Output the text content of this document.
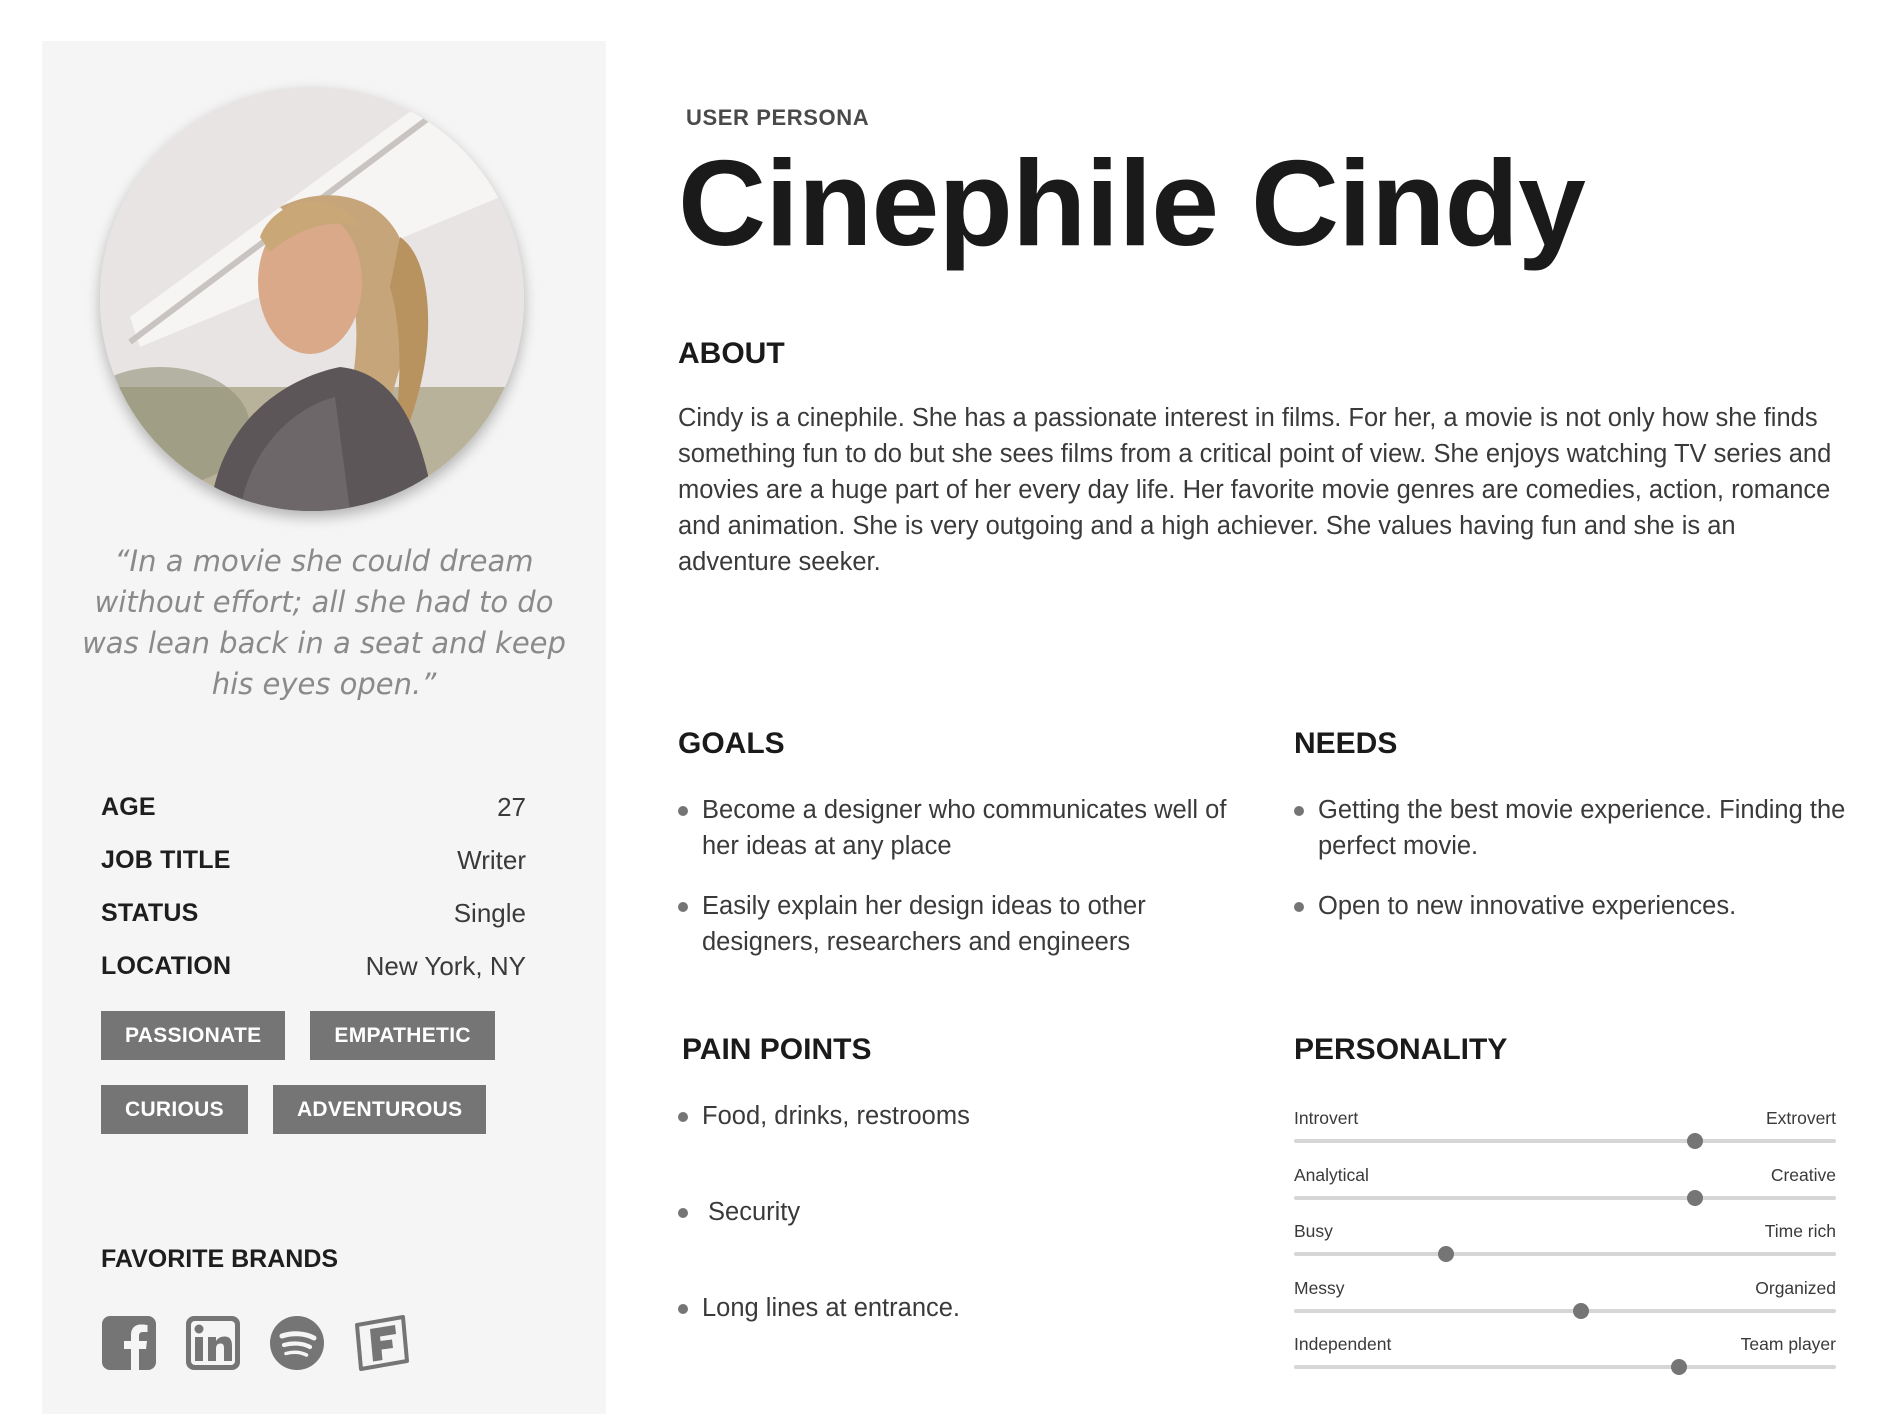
“In a movie she could dream without effort; all she had to do was lean back in a seat and keep his eyes open.”
AGE	27
JOB TITLE	Writer
STATUS	Single
LOCATION	New York, NY
PASSIONATE	EMPATHETIC
CURIOUS	ADVENTUROUS
FAVORITE BRANDS
USER PERSONA
Cinephile Cindy
ABOUT

Cindy is a cinephile. She has a passionate interest in films. For her, a movie is not only how she finds something fun to do but she sees films from a critical point of view. She enjoys watching TV series and movies are a huge part of her every day life. Her favorite movie genres are comedies, action, romance and animation. She is very outgoing and a high achiever. She values having fun and she is an adventure seeker.

GOALS
Become a designer who communicates well of her ideas at any place
Easily explain her design ideas to other designers, researchers and engineers
NEEDS
Getting the best movie experience. Finding the perfect movie.
Open to new innovative experiences.
PAIN POINTS
Food, drinks, restrooms
Security
Long lines at entrance.
PERSONALITY
Introvert	Extrovert
Analytical	Creative
Busy	Time rich
Messy	Organized
Independent	Team player
